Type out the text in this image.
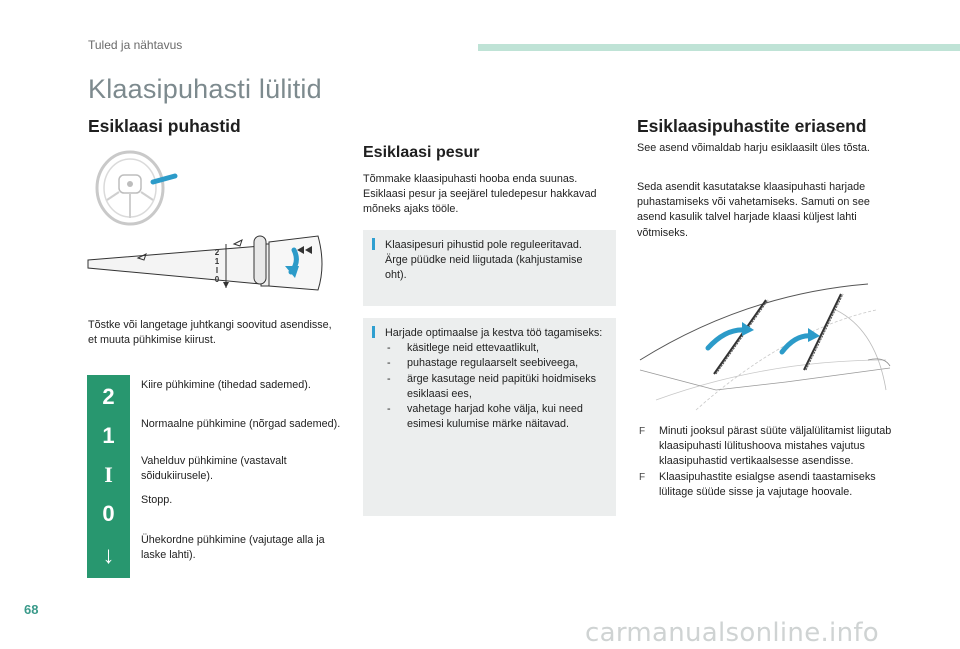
Tuled ja nähtavus
Klaasipuhasti lülitid
Esiklaasi puhastid
2
1
I
0
Tõstke või langetage juhtkangi soovitud asendisse, et muuta pühkimise kiirust.
2	Kiire pühkimine (tihedad sademed).
1	Normaalne pühkimine (nõrgad sademed).
I
Vahelduv pühkimine (vastavalt sõidukiirusele).
0
Stopp.
↓
Ühekordne pühkimine (vajutage alla ja laske lahti).
Esiklaasi pesur
Tõmmake klaasipuhasti hooba enda suunas. Esiklaasi pesur ja seejärel tuledepesur hakkavad mõneks ajaks tööle.
Klaasipesuri pihustid pole reguleeritavad. Ärge püüdke neid liigutada (kahjustamise oht).
Harjade optimaalse ja kestva töö tagamiseks:
- käsitlege neid ettevaatlikult,
- puhastage regulaarselt seebiveega,
- ärge kasutage neid papitüki hoidmiseks esiklaasi ees,
- vahetage harjad kohe välja, kui need esimesi kulumise märke näitavad.
Esiklaasipuhastite eriasend
See asend võimaldab harju esiklaasilt üles tõsta.
Seda asendit kasutatakse klaasipuhasti harjade puhastamiseks või vahetamiseks. Samuti on see asend kasulik talvel harjade klaasi küljest lahti võtmiseks.
F Minuti jooksul pärast süüte väljalülitamist liigutab klaasipuhasti lülitushoova mistahes vajutus klaasipuhastid vertikaalsesse asendisse.
F Klaasipuhastite esialgse asendi taastamiseks lülitage süüde sisse ja vajutage hoovale.
68
carmanualsonline.info
